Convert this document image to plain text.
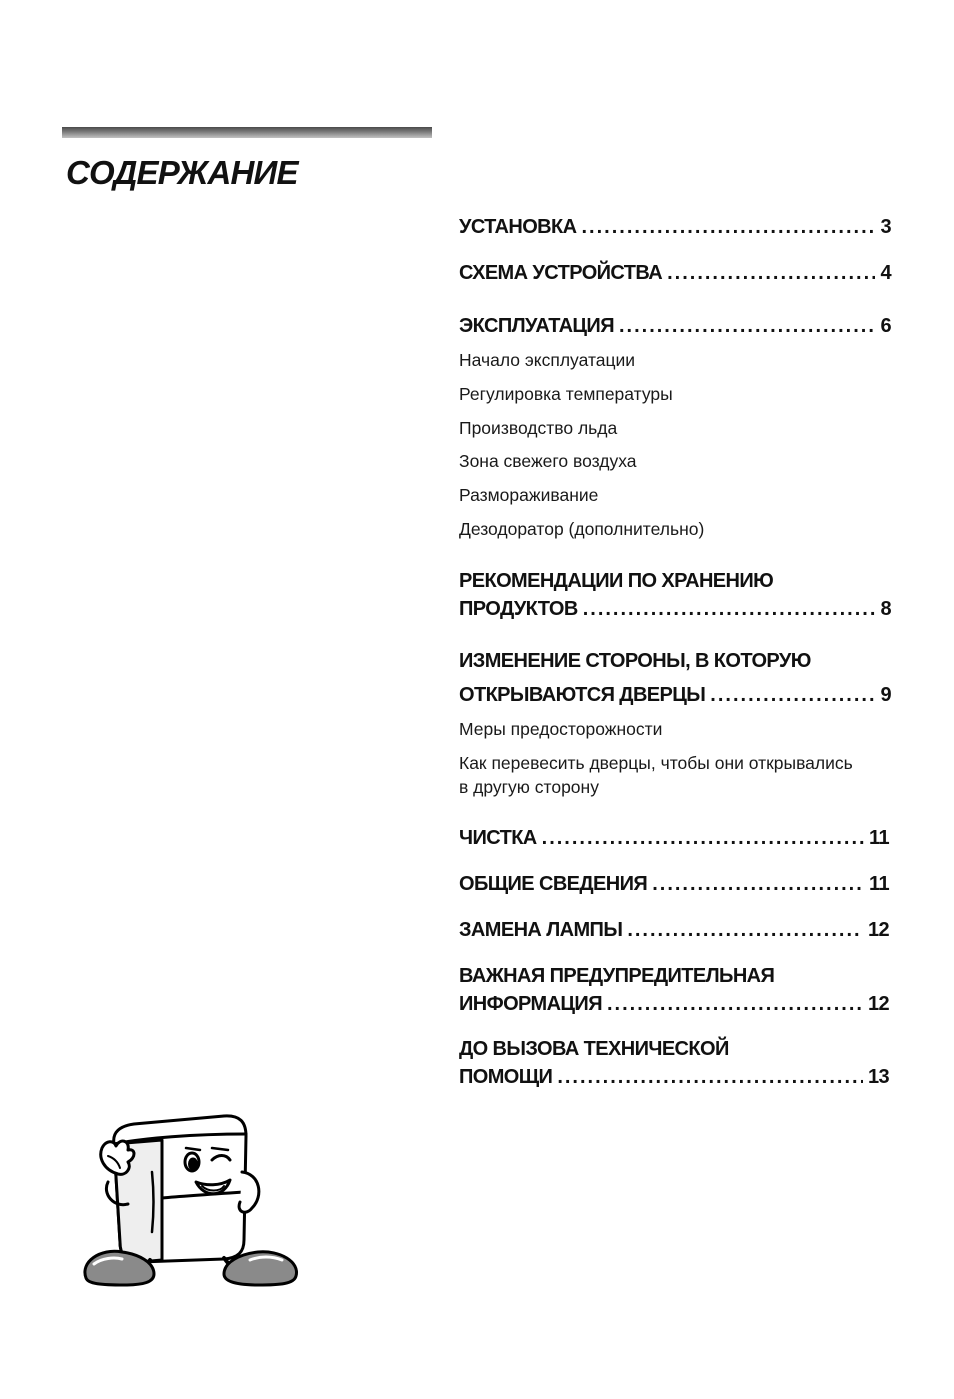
СОДЕРЖАНИЕ
УСТАНОВКА .....	3
СХЕМА УСТРОЙСТВА .....	4
ЭКСПЛУАТАЦИЯ .....	6
Начало эксплуатации
Регулировка температуры
Производство льда
Зона свежего воздуха
Размораживание
Дезодоратор (дополнительно)
РЕКОМЕНДАЦИИ ПО ХРАНЕНИЮ
ПРОДУКТОВ .....	8
ИЗМЕНЕНИЕ СТОРОНЫ, В КОТОРУЮ
ОТКРЫВАЮТСЯ ДВЕРЦЫ .....	9
Меры предосторожности
Как перевесить дверцы, чтобы они открывались
в другую сторону
ЧИСТКА .....	11
ОБЩИЕ СВЕДЕНИЯ .....	11
ЗАМЕНА ЛАМПЫ .....	12
ВАЖНАЯ ПРЕДУПРЕДИТЕЛЬНАЯ
ИНФОРМАЦИЯ .....	12
ДО ВЫЗОВА ТЕХНИЧЕСКОЙ
ПОМОЩИ .....	13
